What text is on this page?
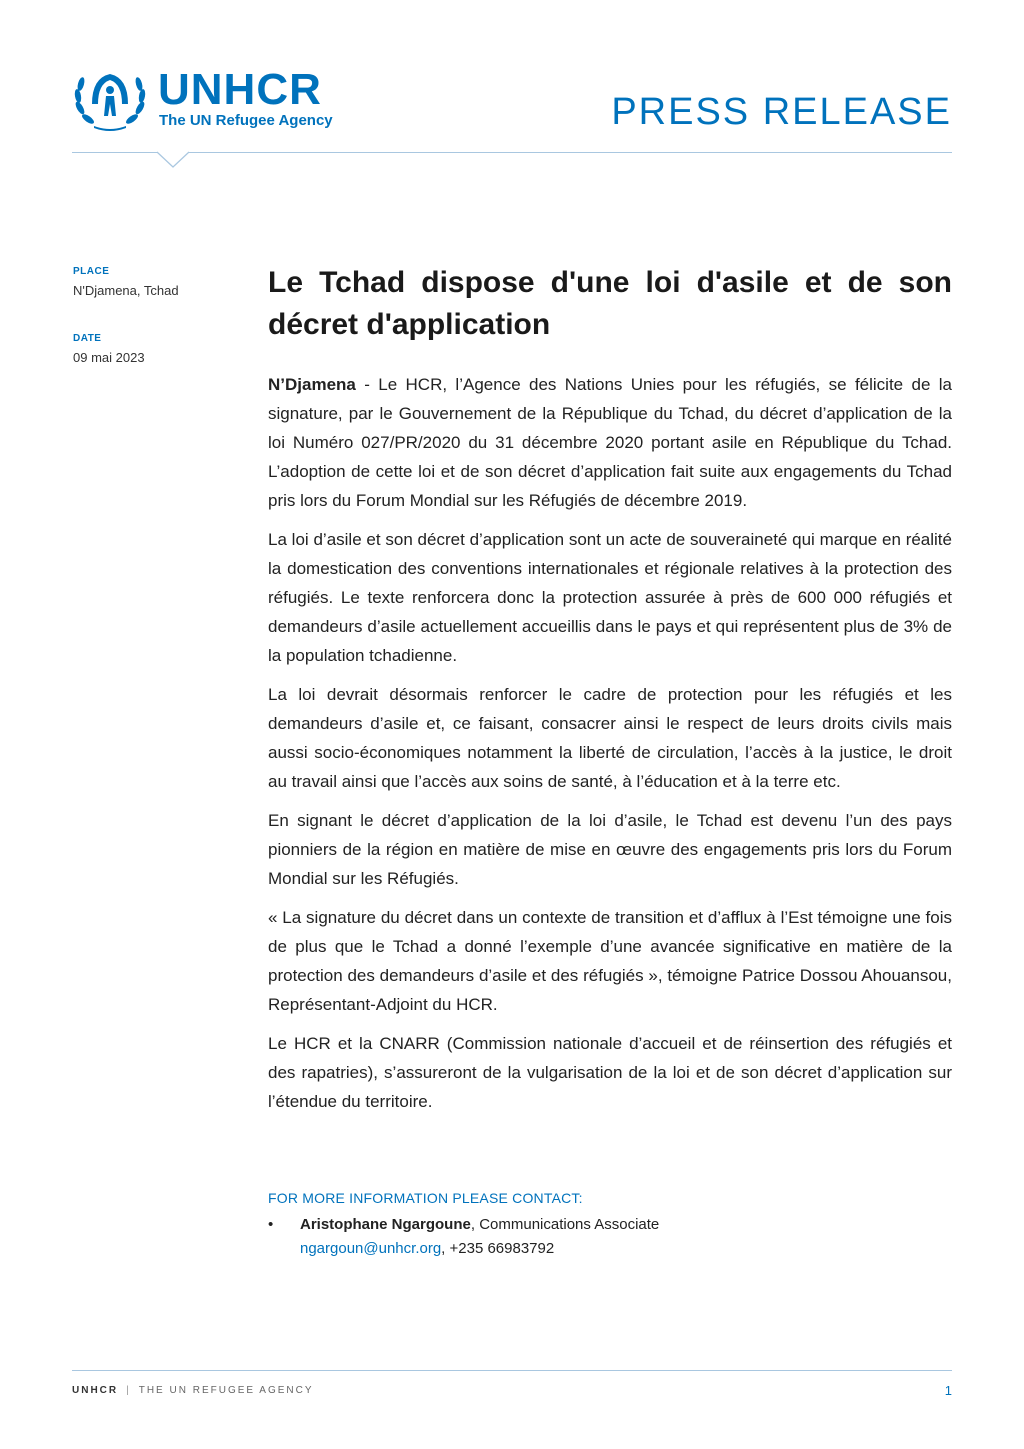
UNHCR
The UN Refugee Agency	PRESS RELEASE
PLACE
N'Djamena, Tchad
DATE
09 mai 2023
Le Tchad dispose d'une loi d'asile et de son décret d'application

N’Djamena - Le HCR, l’Agence des Nations Unies pour les réfugiés, se félicite de la signature, par le Gouvernement de la République du Tchad, du décret d’application de la loi Numéro 027/PR/2020 du 31 décembre 2020 portant asile en République du Tchad. L’adoption de cette loi et de son décret d’application fait suite aux engagements du Tchad pris lors du Forum Mondial sur les Réfugiés de décembre 2019.

La loi d’asile et son décret d’application sont un acte de souveraineté qui marque en réalité la domestication des conventions internationales et régionale relatives à la protection des réfugiés. Le texte renforcera donc la protection assurée à près de 600 000 réfugiés et demandeurs d’asile actuellement accueillis dans le pays et qui représentent plus de 3% de la population tchadienne.

La loi devrait désormais renforcer le cadre de protection pour les réfugiés et les demandeurs d’asile et, ce faisant, consacrer ainsi le respect de leurs droits civils mais aussi socio-économiques notamment la liberté de circulation, l’accès à la justice, le droit au travail ainsi que l’accès aux soins de santé, à l’éducation et à la terre etc.

En signant le décret d’application de la loi d’asile, le Tchad est devenu l’un des pays pionniers de la région en matière de mise en œuvre des engagements pris lors du Forum Mondial sur les Réfugiés.

« La signature du décret dans un contexte de transition et d’afflux à l’Est témoigne une fois de plus que le Tchad a donné l’exemple d’une avancée significative en matière de la protection des demandeurs d’asile et des réfugiés », témoigne Patrice Dossou Ahouansou, Représentant-Adjoint du HCR.

Le HCR et la CNARR (Commission nationale d’accueil et de réinsertion des réfugiés et des rapatries), s’assureront de la vulgarisation de la loi et de son décret d’application sur l’étendue du territoire.

FOR MORE INFORMATION PLEASE CONTACT:
• Aristophane Ngargoune, Communications Associate
ngargoun@unhcr.org, +235 66983792
UNHCR | THE UN REFUGEE AGENCY	1
